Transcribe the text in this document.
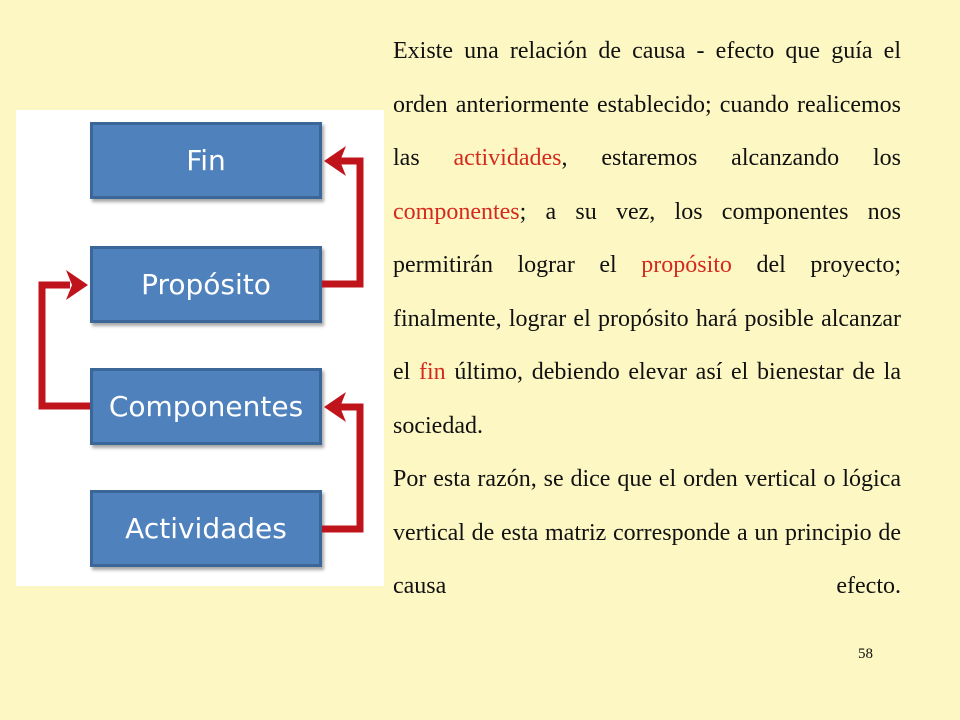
Fin
Propósito
Componentes
Actividades

Existe una relación de causa - efecto que guía el orden anteriormente establecido; cuando realicemos las actividades, estaremos alcanzando los componentes; a su vez, los componentes nos permitirán lograr el propósito del proyecto; finalmente, lograr el propósito hará posible alcanzar el fin último, debiendo elevar así el bienestar de la sociedad.

Por esta razón, se dice que el orden vertical o lógica vertical de esta matriz corresponde a un principio de causa efecto.

58
